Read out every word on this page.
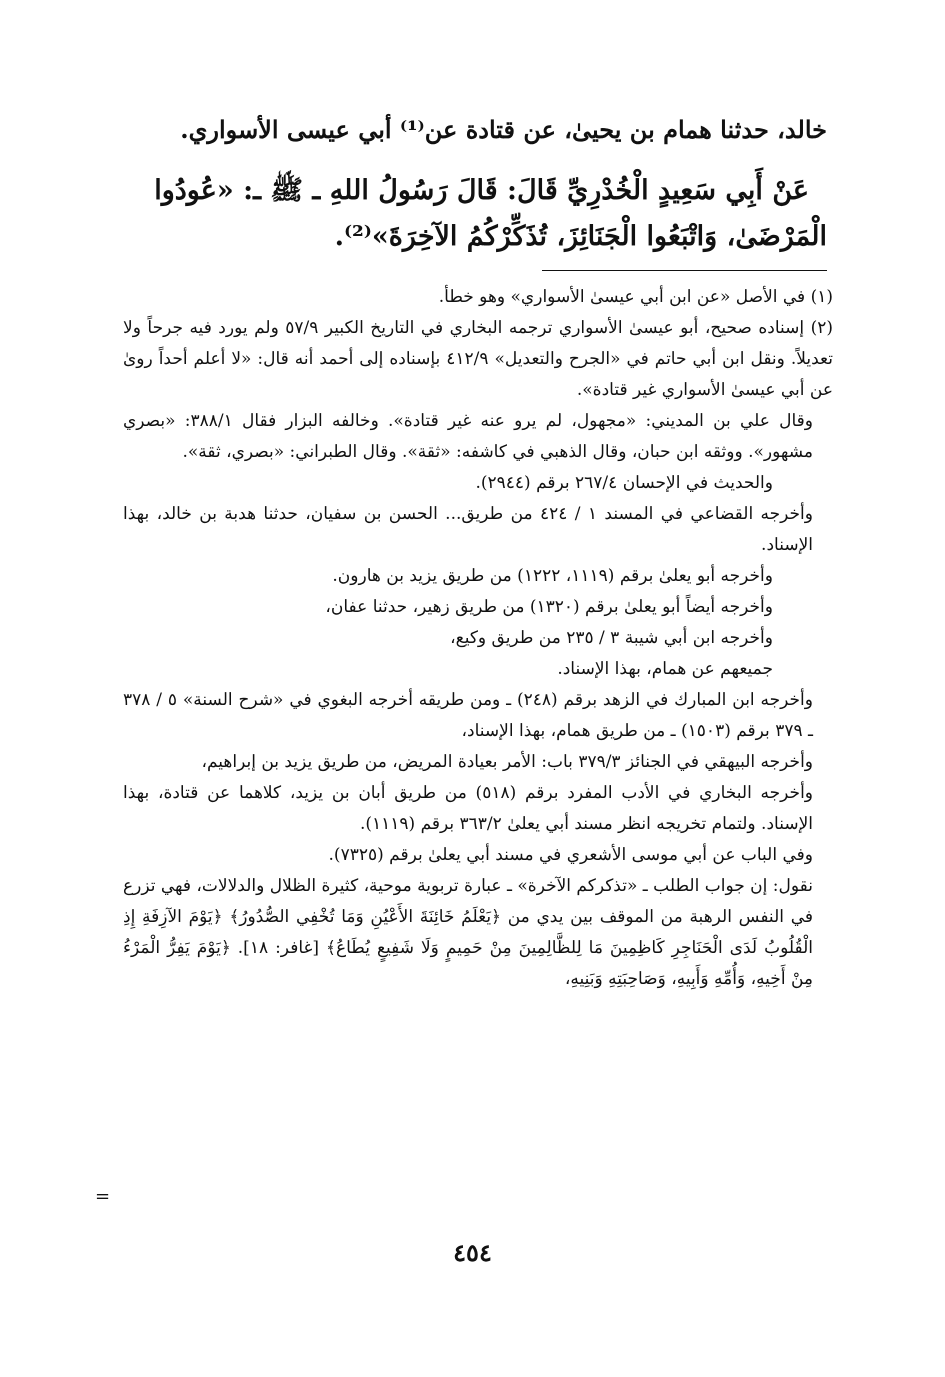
خالد، حدثنا همام بن يحيىٰ، عن قتادة عن⁽¹⁾ أبي عيسى الأسواري.
عَنْ أَبِي سَعِيدٍ الْخُدْرِيِّ قَالَ: قَالَ رَسُولُ اللهِ ـ ﷺ ـ: «عُودُوا
الْمَرْضَىٰ، وَاتْبَعُوا الْجَنَائِزَ، تُذَكِّرْكُمُ الآخِرَةَ»⁽²⁾.

(١) في الأصل «عن ابن أبي عيسىٰ الأسواري» وهو خطأ.

(٢) إسناده صحيح، أبو عيسىٰ الأسواري ترجمه البخاري في التاريخ الكبير ٥٧/٩ ولم يورد فيه جرحاً ولا تعديلاً. ونقل ابن أبي حاتم في «الجرح والتعديل» ٤١٢/٩ بإسناده إلى أحمد أنه قال: «لا أعلم أحداً روىٰ عن أبي عيسىٰ الأسواري غير قتادة».

وقال علي بن المديني: «مجهول، لم يرو عنه غير قتادة». وخالفه البزار فقال ٣٨٨/١: «بصري مشهور». ووثقه ابن حبان، وقال الذهبي في كاشفه: «ثقة». وقال الطبراني: «بصري، ثقة».

والحديث في الإحسان ٢٦٧/٤ برقم (٢٩٤٤).

وأخرجه القضاعي في المسند ١ / ٤٢٤ من طريق... الحسن بن سفيان، حدثنا هدبة بن خالد، بهذا الإسناد.

وأخرجه أبو يعلىٰ برقم (١١١٩، ١٢٢٢) من طريق يزيد بن هارون.

وأخرجه أيضاً أبو يعلىٰ برقم (١٣٢٠) من طريق زهير، حدثنا عفان،

وأخرجه ابن أبي شيبة ٣ / ٢٣٥ من طريق وكيع،

جميعهم عن همام، بهذا الإسناد.

وأخرجه ابن المبارك في الزهد برقم (٢٤٨) ـ ومن طريقه أخرجه البغوي في «شرح السنة» ٥ / ٣٧٨ ـ ٣٧٩ برقم (١٥٠٣) ـ من طريق همام، بهذا الإسناد،

وأخرجه البيهقي في الجنائز ٣٧٩/٣ باب: الأمر بعيادة المريض، من طريق يزيد بن إبراهيم،

وأخرجه البخاري في الأدب المفرد برقم (٥١٨) من طريق أبان بن يزيد، كلاهما عن قتادة، بهذا الإسناد. ولتمام تخريجه انظر مسند أبي يعلىٰ ٣٦٣/٢ برقم (١١١٩).

وفي الباب عن أبي موسى الأشعري في مسند أبي يعلىٰ برقم (٧٣٢٥).

نقول: إن جواب الطلب ـ «تذكركم الآخرة» ـ عبارة تربوية موحية، كثيرة الظلال والدلالات، فهي تزرع في النفس الرهبة من الموقف بين يدي من ﴿يَعْلَمُ خَائِنَةَ الأَعْيُنِ وَمَا تُخْفِي الصُّدُورُ﴾ ﴿يَوْمَ الآزِفَةِ إِذِ الْقُلُوبُ لَدَى الْحَنَاجِرِ كَاظِمِينَ مَا لِلظَّالِمِينَ مِنْ حَمِيمٍ وَلَا شَفِيعٍ يُطَاعُ﴾ [غافر: ١٨]. ﴿يَوْمَ يَفِرُّ الْمَرْءُ مِنْ أَخِيهِ، وَأُمِّهِ وَأَبِيهِ، وَصَاحِبَتِهِ وَبَنِيهِ،

=
٤٥٤
